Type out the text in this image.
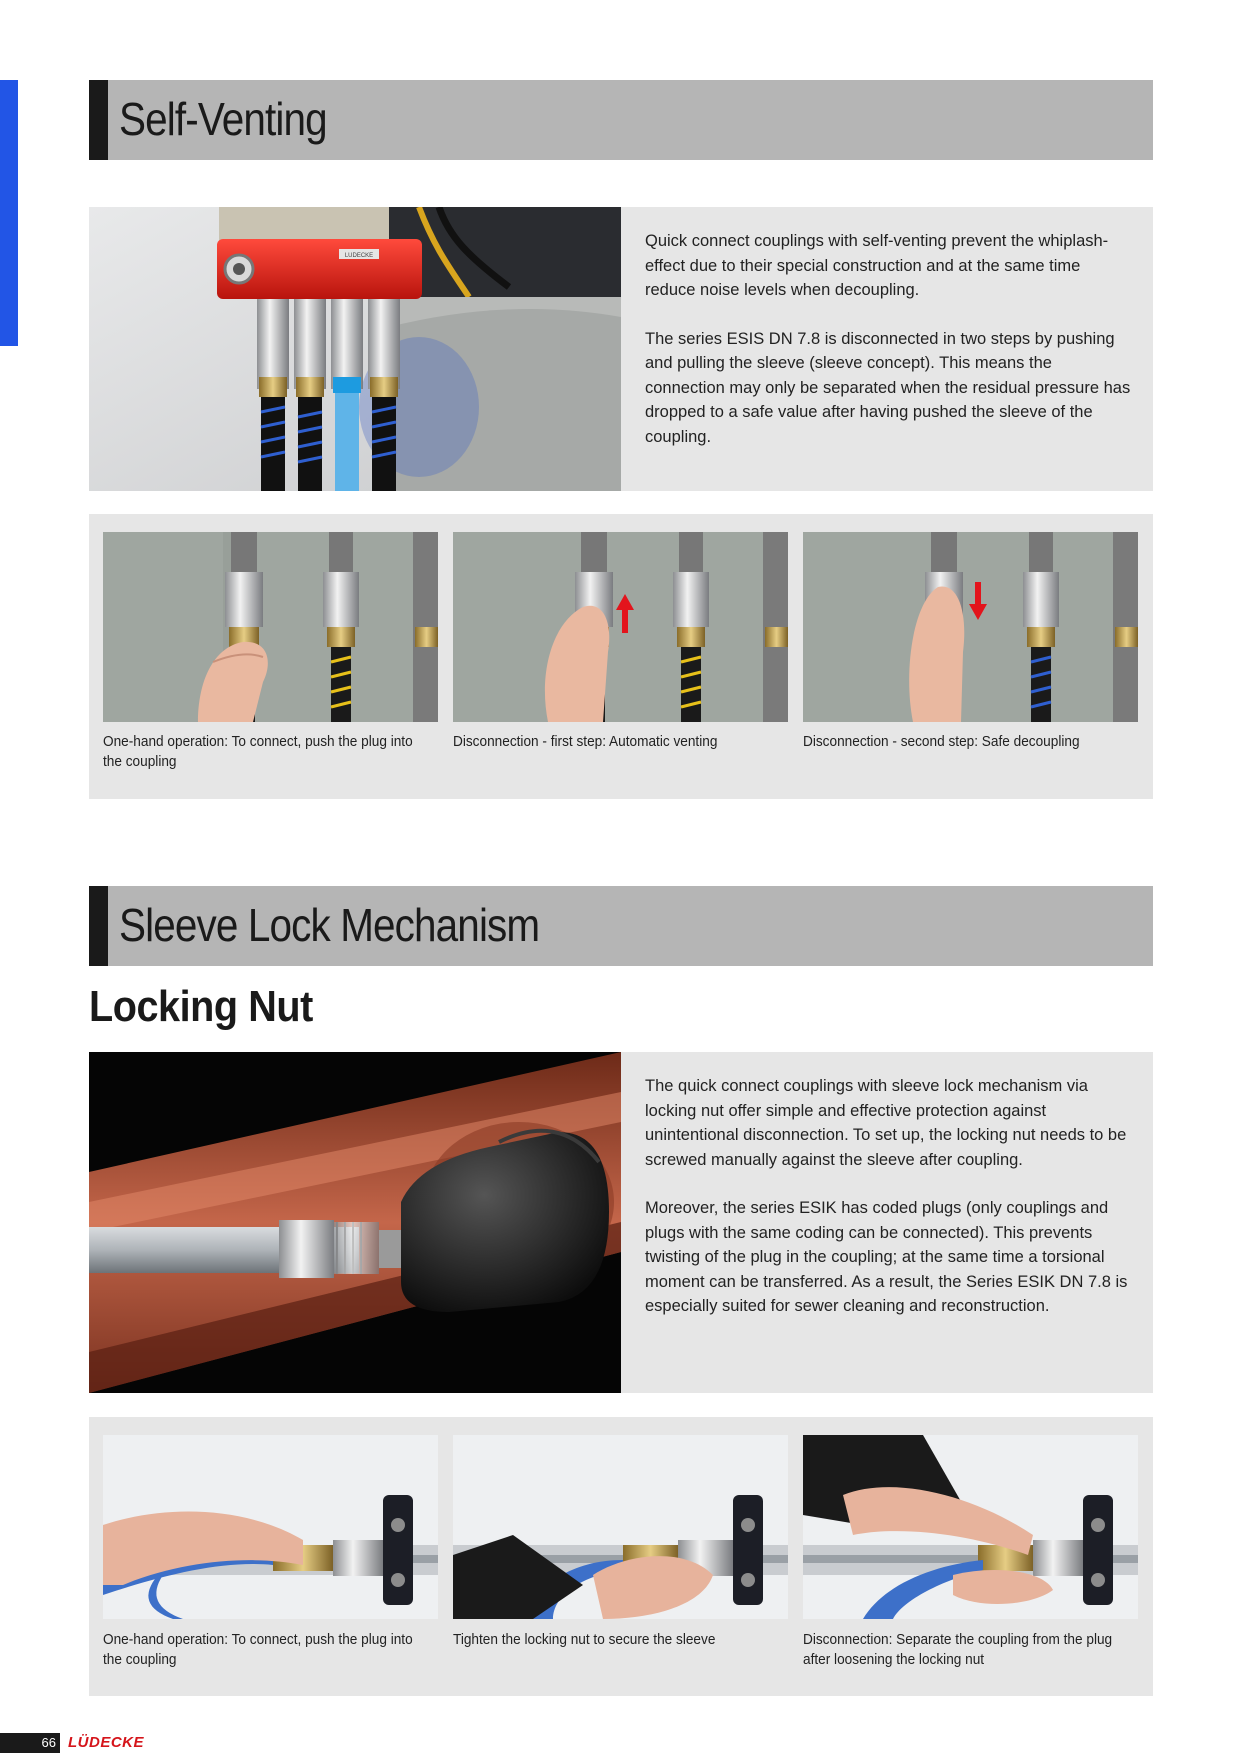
Self-Venting
LUDECKE

Quick connect couplings with self-venting prevent the whiplash-effect due to their special construction and at the same time reduce noise levels when decoupling.

The series ESIS DN 7.8 is disconnected in two steps by pushing and pulling the sleeve (sleeve concept). This means the connection may only be separated when the residual pressure has dropped to a safe value after having pushed the sleeve of the coupling.

One-hand operation: To connect, push the plug into the coupling
Disconnection - first step: Automatic venting	Disconnection - second step: Safe decoupling
Sleeve Lock Mechanism
Locking Nut

The quick connect couplings with sleeve lock mechanism via locking nut offer simple and effective protection against unintentional disconnection. To set up, the locking nut needs to be screwed manually against the sleeve after coupling.

Moreover, the series ESIK has coded plugs (only couplings and plugs with the same coding can be connected). This prevents twisting of the plug in the coupling; at the same time a torsional moment can be transferred. As a result, the Series ESIK DN 7.8 is especially suited for sewer cleaning and reconstruction.

One-hand operation: To connect, push the plug into the coupling
Tighten the locking nut to secure the sleeve	Disconnection: Separate the coupling from the plug after loosening the locking nut
66 LÜDECKE
